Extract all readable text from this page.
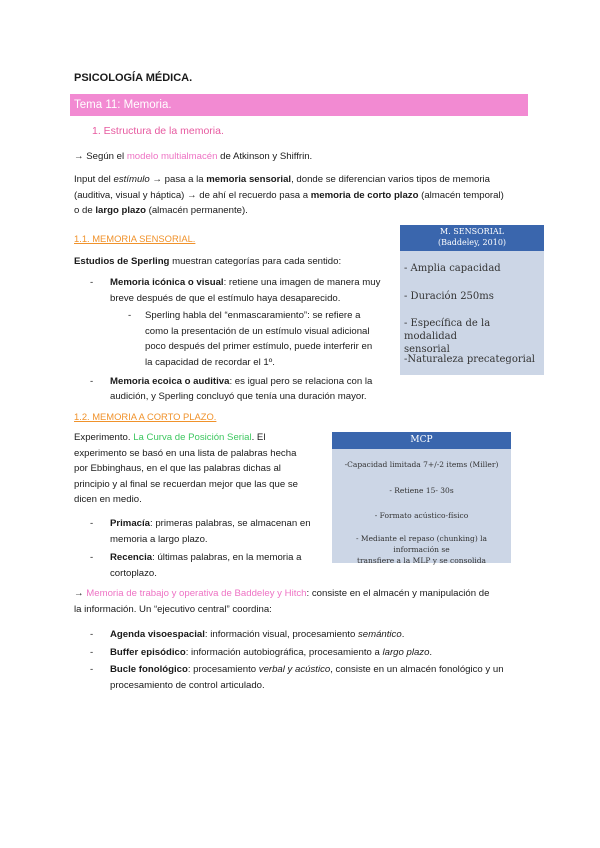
PSICOLOGÍA MÉDICA.
Tema 11: Memoria.
1. Estructura de la memoria.
→ Según el modelo multialmacén de Atkinson y Shiffrin.
Input del estímulo → pasa a la memoria sensorial, donde se diferencian varios tipos de memoria
(auditiva, visual y háptica) → de ahí el recuerdo pasa a memoria de corto plazo (almacén temporal)
o de largo plazo (almacén permanente).
1.1. MEMORIA SENSORIAL.
Estudios de Sperling muestran categorías para cada sentido:
- Memoria icónica o visual: retiene una imagen de manera muy
breve después de que el estímulo haya desaparecido.
- Sperling habla del “enmascaramiento”: se refiere a
como la presentación de un estímulo visual adicional
poco después del primer estímulo, puede interferir en
la capacidad de recordar el 1º.
- Memoria ecoica o auditiva: es igual pero se relaciona con la
audición, y Sperling concluyó que tenía una duración mayor.
M. SENSORIAL
(Baddeley, 2010)
- Amplia capacidad
- Duración 250ms
- Específica de la modalidad
sensorial
-Naturaleza precategorial
1.2. MEMORIA A CORTO PLAZO.
Experimento. La Curva de Posición Serial. El
experimento se basó en una lista de palabras hecha
por Ebbinghaus, en el que las palabras dichas al
principio y al final se recuerdan mejor que las que se
dicen en medio.
- Primacía: primeras palabras, se almacenan en
memoria a largo plazo.
- Recencia: últimas palabras, en la memoria a
cortoplazo.
MCP
-Capacidad limitada 7+/-2 items (Miller)
- Retiene 15- 30s
- Formato acústico-físico
- Mediante el repaso (chunking) la información se
transfiere a la MLP y se consolida
→ Memoria de trabajo y operativa de Baddeley y Hitch: consiste en el almacén y manipulación de
la información. Un “ejecutivo central” coordina:
- Agenda visoespacial: información visual, procesamiento semántico.
- Buffer episódico: información autobiográfica, procesamiento a largo plazo.
- Bucle fonológico: procesamiento verbal y acústico, consiste en un almacén fonológico y un
procesamiento de control articulado.
